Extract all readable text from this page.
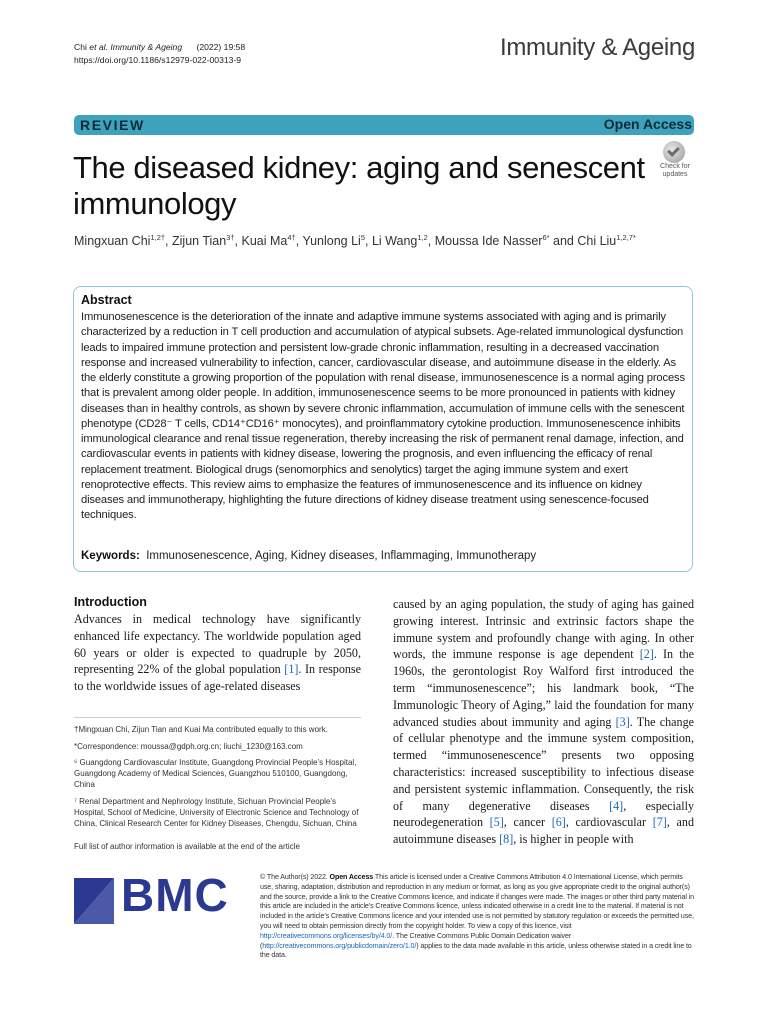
Chi et al. Immunity & Ageing (2022) 19:58
https://doi.org/10.1186/s12979-022-00313-9	Immunity & Ageing
REVIEW	Open Access
The diseased kidney: aging and senescent immunology
Check for
updates
Mingxuan Chi$^{1,2\dagger}$, Zijun Tian$^{3\dagger}$, Kuai $Ma^{4\dagger}$, Yunlong Li$^5$, Li Wang$^{1,2}$, Moussa Ide Nasser$^{6*}$ and Chi Liu$^{1,2,7*}$
Abstract
Immunosenescence is the deterioration of the innate and adaptive immune systems associated with aging and is primarily characterized by a reduction in T cell production and accumulation of atypical subsets. Age-related immunological dysfunction leads to impaired immune protection and persistent low-grade chronic inflammation, resulting in a decreased vaccination response and increased vulnerability to infection, cancer, cardiovascular disease, and autoimmune disease in the elderly. As the elderly constitute a growing proportion of the population with renal disease, immunosenescence is a normal aging process that is prevalent among older people. In addition, immunosenescence seems to be more pronounced in patients with kidney diseases than in healthy controls, as shown by severe chronic inflammation, accumulation of immune cells with the senescent phenotype (CD28⁻ T cells, CD14⁺CD16⁺ monocytes), and proinflammatory cytokine production. Immunosenescence inhibits immunological clearance and renal tissue regeneration, thereby increasing the risk of permanent renal damage, infection, and cardiovascular events in patients with kidney disease, lowering the prognosis, and even influencing the efficacy of renal replacement treatment. Biological drugs (senomorphics and senolytics) target the aging immune system and exert renoprotective effects. This review aims to emphasize the features of immunosenescence and its influence on kidney diseases and immunotherapy, highlighting the future directions of kidney disease treatment using senescence-focused techniques.
Keywords: Immunosenescence, Aging, Kidney diseases, Inflammaging, Immunotherapy
Introduction
Advances in medical technology have significantly enhanced life expectancy. The worldwide population aged 60 years or older is expected to quadruple by 2050, representing 22% of the global population [1]. In response to the worldwide issues of age-related diseases
caused by an aging population, the study of aging has gained growing interest. Intrinsic and extrinsic factors shape the immune system and profoundly change with aging. In other words, the immune response is age dependent [2]. In the 1960s, the gerontologist Roy Walford first introduced the term “immunosenescence”; his landmark book, “The Immunologic Theory of Aging,” laid the foundation for many advanced studies about immunity and aging [3]. The change of cellular phenotype and the immune system composition, termed “immunosenescence” presents two opposing characteristics: increased susceptibility to infectious disease and persistent systemic inflammation. Consequently, the risk of many degenerative diseases [4], especially neurodegeneration [5], cancer [6], cardiovascular [7], and autoimmune diseases [8], is higher in people with
†Mingxuan Chi, Zijun Tian and Kuai Ma contributed equally to this work.
*Correspondence: moussa@gdph.org.cn; liuchi_1230@163.com
⁶ Guangdong Cardiovascular Institute, Guangdong Provincial People’s Hospital, Guangdong Academy of Medical Sciences, Guangzhou 510100, Guangdong, China
⁷ Renal Department and Nephrology Institute, Sichuan Provincial People’s Hospital, School of Medicine, University of Electronic Science and Technology of China, Clinical Research Center for Kidney Diseases, Chengdu, Sichuan, China
Full list of author information is available at the end of the article
BMC	© The Author(s) 2022. Open Access This article is licensed under a Creative Commons Attribution 4.0 International License, which permits use, sharing, adaptation, distribution and reproduction in any medium or format, as long as you give appropriate credit to the original author(s) and the source, provide a link to the Creative Commons licence, and indicate if changes were made. The images or other third party material in this article are included in the article’s Creative Commons licence, unless indicated otherwise in a credit line to the material. If material is not included in the article’s Creative Commons licence and your intended use is not permitted by statutory regulation or exceeds the permitted use, you will need to obtain permission directly from the copyright holder. To view a copy of this licence, visit http://creativecommons.org/licenses/by/4.0/. The Creative Commons Public Domain Dedication waiver (http://creativecommons.org/publicdomain/zero/1.0/) applies to the data made available in this article, unless otherwise stated in a credit line to the data.
